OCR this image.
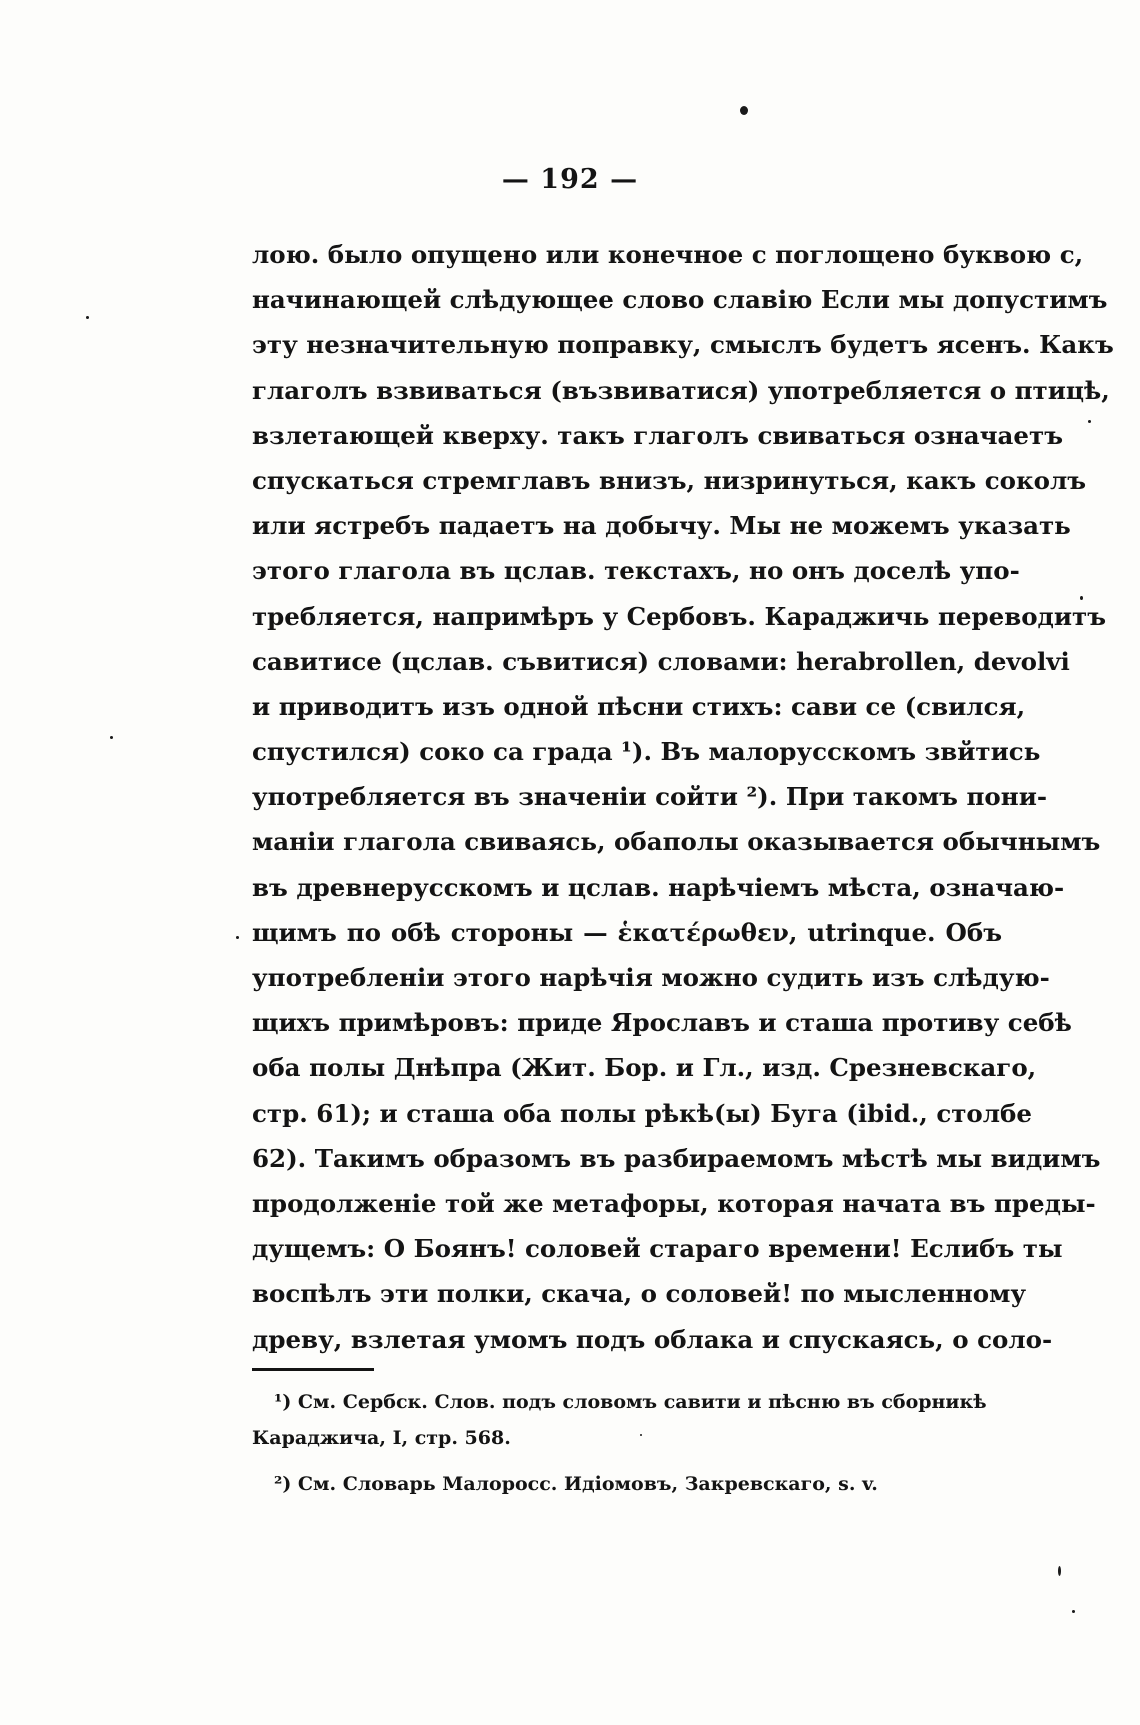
— 192 —
лою. было опущено или конечное с поглощено буквою с,
начинающей слѣдующее слово славію Если мы допустимъ
эту незначительную поправку, смыслъ будетъ ясенъ. Какъ
глаголъ взвиваться (възвиватися) употребляется о птицѣ,
взлетающей кверху. такъ глаголъ свиваться означаетъ
спускаться стремглавъ внизъ, низринуться, какъ соколъ
или ястребъ падаетъ на добычу. Мы не можемъ указать
этого глагола въ цслав. текстахъ, но онъ доселѣ упо-
требляется, напримѣръ у Сербовъ. Караджичь переводитъ
савитисе (цслав. съвитися) словами: herabrollen, devolvi
и приводитъ изъ одной пѣсни стихъ: сави се (свился,
спустился) соко са града ¹). Въ малорусскомъ звйтись
употребляется въ значеніи сойти ²). При такомъ пони-
маніи глагола свиваясь, обаполы оказывается обычнымъ
въ древнерусскомъ и цслав. нарѣчіемъ мѣста, означаю-
щимъ по обѣ стороны — ἑκατέρωθεν, utrinque. Объ
употребленіи этого нарѣчія можно судить изъ слѣдую-
щихъ примѣровъ: приде Ярославъ и сташа противу себѣ
оба полы Днѣпра (Жит. Бор. и Гл., изд. Срезневскаго,
стр. 61); и сташа оба полы рѣкѣ(ы) Буга (ibid., столбе
62). Такимъ образомъ въ разбираемомъ мѣстѣ мы видимъ
продолженіе той же метафоры, которая начата въ преды-
дущемъ: О Боянъ! соловей стараго времени! Еслибъ ты
воспѣлъ эти полки, скача, о соловей! по мысленному
древу, взлетая умомъ подъ облака и спускаясь, о соло-
¹) См. Сербск. Слов. подъ словомъ савити и пѣсню въ сборникѣ
Караджича, I, стр. 568.
²) См. Словарь Малоросс. Идіомовъ, Закревскаго, s. v.
